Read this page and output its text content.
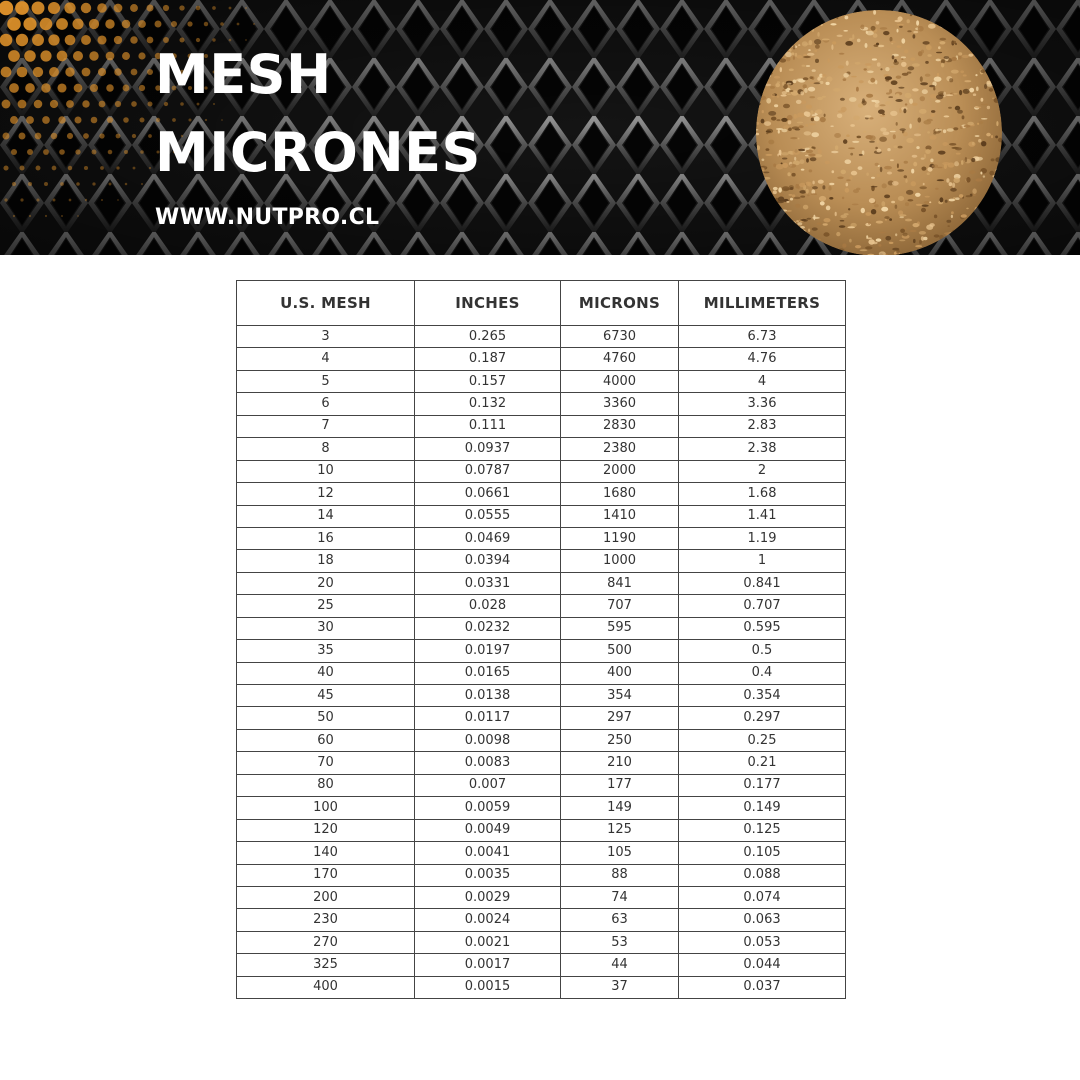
MESH
MICRONES
WWW.NUTPRO.CL
U.S. MESH	INCHES	MICRONS	MILLIMETERS
3	0.265	6730	6.73
4	0.187	4760	4.76
5	0.157	4000	4
6	0.132	3360	3.36
7	0.111	2830	2.83
8	0.0937	2380	2.38
10	0.0787	2000	2
12	0.0661	1680	1.68
14	0.0555	1410	1.41
16	0.0469	1190	1.19
18	0.0394	1000	1
20	0.0331	841	0.841
25	0.028	707	0.707
30	0.0232	595	0.595
35	0.0197	500	0.5
40	0.0165	400	0.4
45	0.0138	354	0.354
50	0.0117	297	0.297
60	0.0098	250	0.25
70	0.0083	210	0.21
80	0.007	177	0.177
100	0.0059	149	0.149
120	0.0049	125	0.125
140	0.0041	105	0.105
170	0.0035	88	0.088
200	0.0029	74	0.074
230	0.0024	63	0.063
270	0.0021	53	0.053
325	0.0017	44	0.044
400	0.0015	37	0.037
